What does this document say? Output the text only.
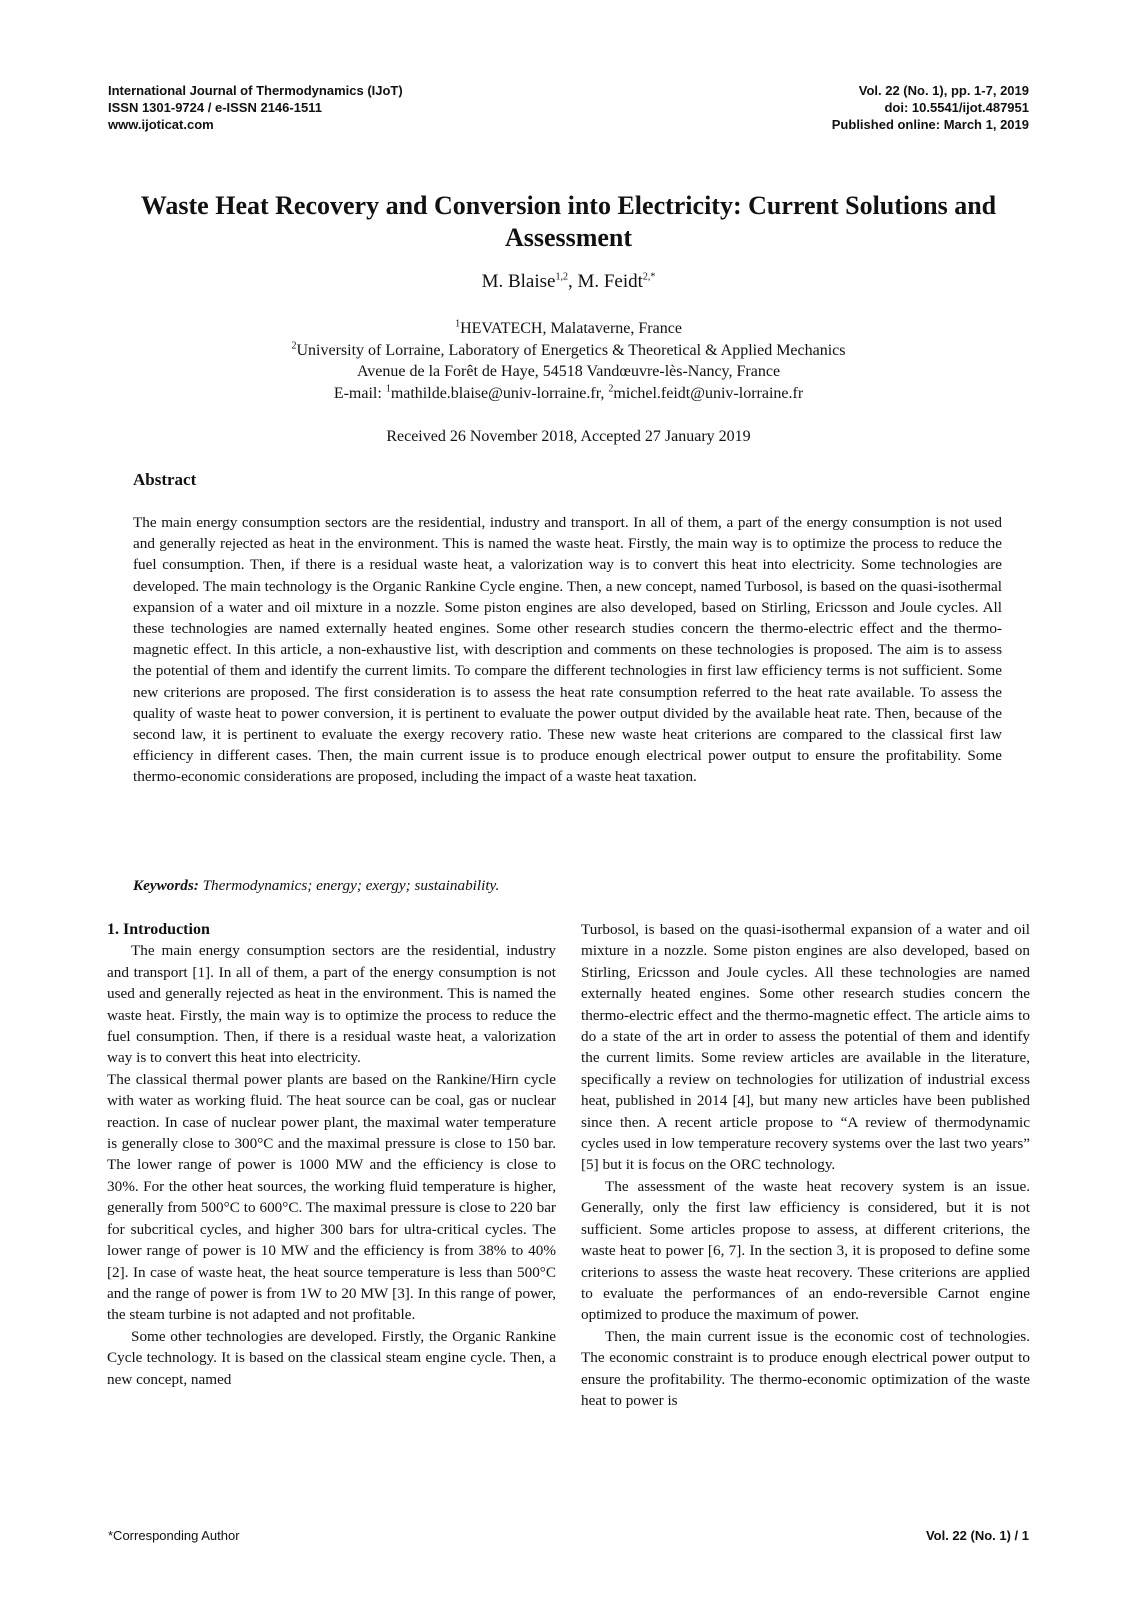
International Journal of Thermodynamics (IJoT)
ISSN 1301-9724 / e-ISSN 2146-1511
www.ijoticat.com
Vol. 22 (No. 1), pp. 1-7, 2019
doi: 10.5541/ijot.487951
Published online: March 1, 2019
Waste Heat Recovery and Conversion into Electricity: Current Solutions and Assessment
M. Blaise$^{1,2}$, M. Feidt$^{2,*}$
$^1$HEVATECH, Malataverne, France
$^2$University of Lorraine, Laboratory of Energetics & Theoretical & Applied Mechanics
Avenue de la Forêt de Haye, 54518 Vandœuvre-lès-Nancy, France
E-mail: $^1$mathilde.blaise@univ-lorraine.fr, $^2$michel.feidt@univ-lorraine.fr
Received 26 November 2018, Accepted 27 January 2019
Abstract
The main energy consumption sectors are the residential, industry and transport. In all of them, a part of the energy consumption is not used and generally rejected as heat in the environment. This is named the waste heat. Firstly, the main way is to optimize the process to reduce the fuel consumption. Then, if there is a residual waste heat, a valorization way is to convert this heat into electricity. Some technologies are developed. The main technology is the Organic Rankine Cycle engine. Then, a new concept, named Turbosol, is based on the quasi-isothermal expansion of a water and oil mixture in a nozzle. Some piston engines are also developed, based on Stirling, Ericsson and Joule cycles. All these technologies are named externally heated engines. Some other research studies concern the thermo-electric effect and the thermo-magnetic effect. In this article, a non-exhaustive list, with description and comments on these technologies is proposed. The aim is to assess the potential of them and identify the current limits. To compare the different technologies in first law efficiency terms is not sufficient. Some new criterions are proposed. The first consideration is to assess the heat rate consumption referred to the heat rate available. To assess the quality of waste heat to power conversion, it is pertinent to evaluate the power output divided by the available heat rate. Then, because of the second law, it is pertinent to evaluate the exergy recovery ratio. These new waste heat criterions are compared to the classical first law efficiency in different cases. Then, the main current issue is to produce enough electrical power output to ensure the profitability. Some thermo-economic considerations are proposed, including the impact of a waste heat taxation.
Keywords: Thermodynamics; energy; exergy; sustainability.

1. Introduction

The main energy consumption sectors are the residential, industry and transport [1]. In all of them, a part of the energy consumption is not used and generally rejected as heat in the environment. This is named the waste heat. Firstly, the main way is to optimize the process to reduce the fuel consumption. Then, if there is a residual waste heat, a valorization way is to convert this heat into electricity.

The classical thermal power plants are based on the Rankine/Hirn cycle with water as working fluid. The heat source can be coal, gas or nuclear reaction. In case of nuclear power plant, the maximal water temperature is generally close to 300°C and the maximal pressure is close to 150 bar. The lower range of power is 1000 MW and the efficiency is close to 30%. For the other heat sources, the working fluid temperature is higher, generally from 500°C to 600°C. The maximal pressure is close to 220 bar for subcritical cycles, and higher 300 bars for ultra-critical cycles. The lower range of power is 10 MW and the efficiency is from 38% to 40% [2]. In case of waste heat, the heat source temperature is less than 500°C and the range of power is from 1W to 20 MW [3]. In this range of power, the steam turbine is not adapted and not profitable.

Some other technologies are developed. Firstly, the Organic Rankine Cycle technology. It is based on the classical steam engine cycle. Then, a new concept, named

Turbosol, is based on the quasi-isothermal expansion of a water and oil mixture in a nozzle. Some piston engines are also developed, based on Stirling, Ericsson and Joule cycles. All these technologies are named externally heated engines. Some other research studies concern the thermo-electric effect and the thermo-magnetic effect. The article aims to do a state of the art in order to assess the potential of them and identify the current limits. Some review articles are available in the literature, specifically a review on technologies for utilization of industrial excess heat, published in 2014 [4], but many new articles have been published since then. A recent article propose to “A review of thermodynamic cycles used in low temperature recovery systems over the last two years” [5] but it is focus on the ORC technology.

The assessment of the waste heat recovery system is an issue. Generally, only the first law efficiency is considered, but it is not sufficient. Some articles propose to assess, at different criterions, the waste heat to power [6, 7]. In the section 3, it is proposed to define some criterions to assess the waste heat recovery. These criterions are applied to evaluate the performances of an endo-reversible Carnot engine optimized to produce the maximum of power.

Then, the main current issue is the economic cost of technologies. The economic constraint is to produce enough electrical power output to ensure the profitability. The thermo-economic optimization of the waste heat to power is

*Corresponding Author	Vol. 22 (No. 1) / 1
